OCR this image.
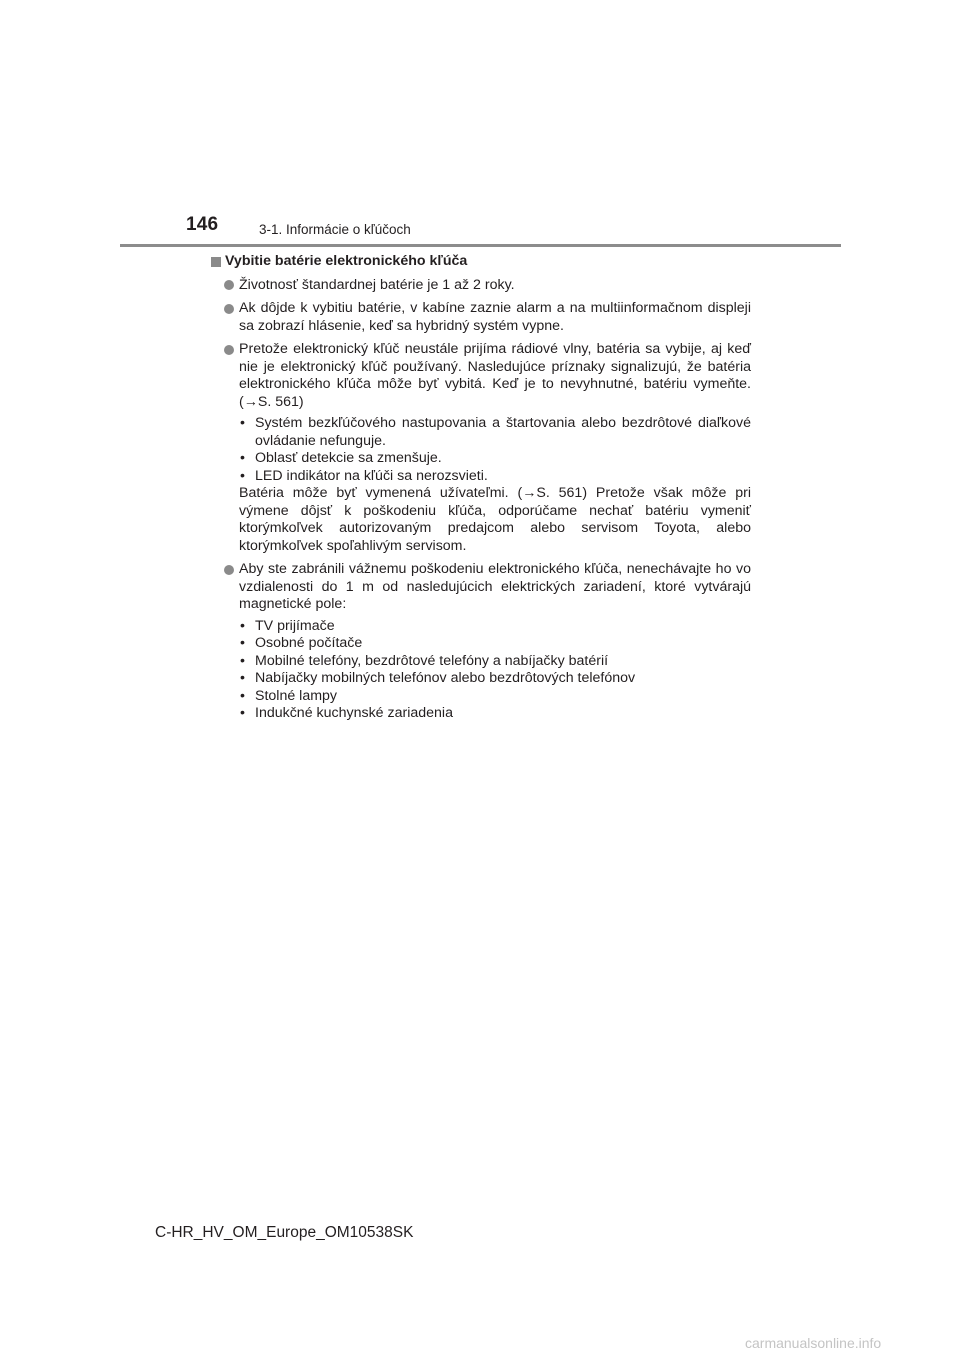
146	3-1. Informácie o kľúčoch
Vybitie batérie elektronického kľúča
Životnosť štandardnej batérie je 1 až 2 roky.
Ak dôjde k vybitiu batérie, v kabíne zaznie alarm a na multiinformačnom displeji sa zobrazí hlásenie, keď sa hybridný systém vypne.
Pretože elektronický kľúč neustále prijíma rádiové vlny, batéria sa vybije, aj keď nie je elektronický kľúč používaný. Nasledujúce príznaky signalizujú, že batéria elektronického kľúča môže byť vybitá. Keď je to nevyhnutné, batériu vymeňte. (→S. 561)
• Systém bezkľúčového nastupovania a štartovania alebo bezdrôtové diaľkové ovládanie nefunguje.
• Oblasť detekcie sa zmenšuje.
• LED indikátor na kľúči sa nerozsvieti.
Batéria môže byť vymenená užívateľmi. (→S. 561) Pretože však môže pri výmene dôjsť k poškodeniu kľúča, odporúčame nechať batériu vymeniť ktorýmkoľvek autorizovaným predajcom alebo servisom Toyota, alebo ktorýmkoľvek spoľahlivým servisom.
Aby ste zabránili vážnemu poškodeniu elektronického kľúča, nenechávajte ho vo vzdialenosti do 1 m od nasledujúcich elektrických zariadení, ktoré vytvárajú magnetické pole:
• TV prijímače
• Osobné počítače
• Mobilné telefóny, bezdrôtové telefóny a nabíjačky batérií
• Nabíjačky mobilných telefónov alebo bezdrôtových telefónov
• Stolné lampy
• Indukčné kuchynské zariadenia
C-HR_HV_OM_Europe_OM10538SK
carmanualsonline.info
